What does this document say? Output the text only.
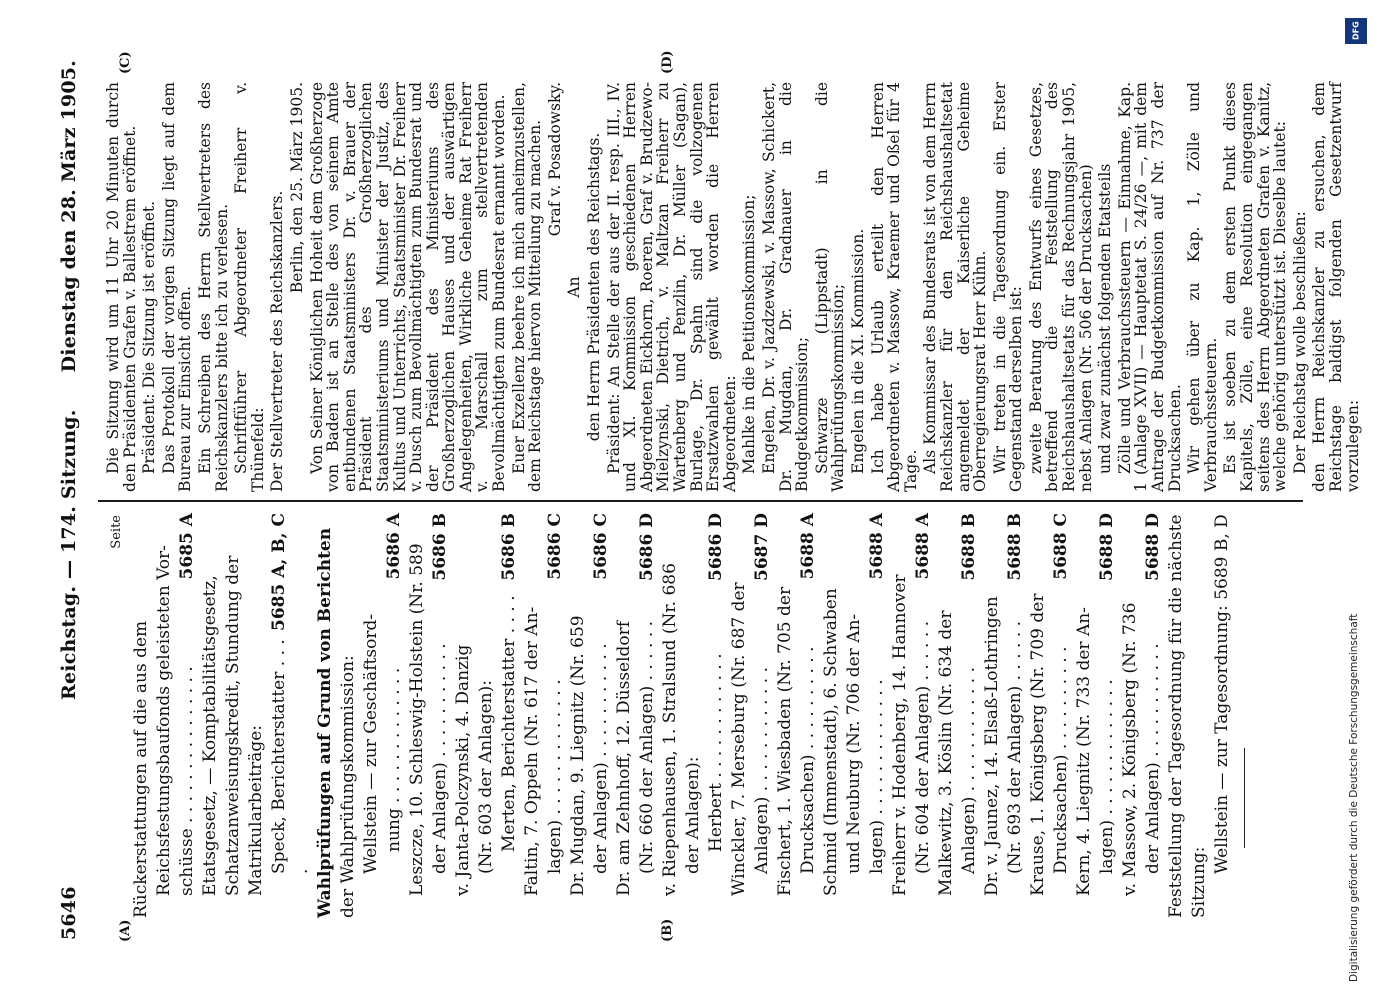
5646
Reichstag. — 174. Sitzung.
Dienstag den 28. März 1905.
(A)	(B)
(C)	(D)
Seite
Rückerstattungen auf die aus dem Reichsfestungsbaufonds geleisteten Vor- schüsse . . . . . . . . . . . . . . .
5685 A
Etatsgesetz, — Komptabilitätsgesetz, Schatzanweisungskredit, Stundung der Matrikularbeiträge: Speck, Berichterstatter . . . .
5685 A, B, C Wahlprüfungen auf Grund von Berichten der Wahlprüfungskommission: Wellstein — zur Geschäftsord- nung . . . . . . . . . . . . .
5686 A Leszcze, 10. Schleswig-Holstein (Nr. 589 der Anlagen) . . . . . . . . . . .
5686 B
v. Janta-Polczynski, 4. Danzig (Nr. 603 der Anlagen): Merten, Berichterstatter . . . .
5686 B
Faltin, 7. Oppeln (Nr. 617 der An- lagen) . . . . . . . . . . . . .
5686 C
Dr. Mugdan, 9. Liegnitz (Nr. 659 der Anlagen) . . . . . . . . . . .
5686 C
Dr. am Zehnhoff, 12. Düsseldorf (Nr. 660 der Anlagen) . . . . . .
5686 D
v. Riepenhausen, 1. Stralsund (Nr. 686 der Anlagen): Herbert . . . . . . . . . . . .
5686 D
Winckler, 7. Merseburg (Nr. 687 der Anlagen) . . . . . . . . . . . .
5687 D
Fischert, 1. Wiesbaden (Nr. 705 der Drucksachen) . . . . . . . . . .
5688 A
Schmid (Immenstadt), 6. Schwaben und Neuburg (Nr. 706 der An- lagen) . . . . . . . . . . . . .
5688 A
Freiherr v. Hodenberg, 14. Hannover (Nr. 604 der Anlagen) . . . . . .
5688 A
Malkewitz, 3. Köslin (Nr. 634 der Anlagen) . . . . . . . . . . . .
5688 B
Dr. v. Jaunez, 14. Elsaß-Lothringen (Nr. 693 der Anlagen) . . . . . .
5688 B
Krause, 1. Königsberg (Nr. 709 der Drucksachen) . . . . . . . . . .
5688 C
Kern, 4. Liegnitz (Nr. 733 der An- lagen) . . . . . . . . . . . . .
5688 D
v. Massow, 2. Königsberg (Nr. 736 der Anlagen) . . . . . . . . . . .
5688 D Feststellung der Tagesordnung für die nächste Sitzung:
Wellstein — zur Tagesordnung: 5689 B, D

Die Sitzung wird um 11 Uhr 20 Minuten durch den Präsidenten Grafen v. Ballestrem eröffnet. Präsident: Die Sitzung ist eröffnet. Das Protokoll der vorigen Sitzung liegt auf dem Bureau zur Einsicht offen. Ein Schreiben des Herrn Stellvertreters des Reichskanzlers bitte ich zu verlesen. Schriftführer Abgeordneter Freiherr v. Thünefeld: Der Stellvertreter des Reichskanzlers.

Berlin, den 25. März 1905. Von Seiner Königlichen Hoheit dem Großherzoge von Baden ist an Stelle des von seinem Amte entbundenen Staatsministers Dr. v. Brauer der Präsident des Großherzoglichen Staatsministeriums und Minister der Justiz, des Kultus und Unterrichts, Staatsminister Dr. Freiherr v. Dusch zum Bevollmächtigten zum Bundesrat und der Präsident des Ministeriums des Großherzoglichen Hauses und der auswärtigen Angelegenheiten, Wirkliche Geheime Rat Freiherr v. Marschall zum stellvertretenden Bevollmächtigten zum Bundesrat ernannt worden. Euer Exzellenz beehre ich mich anheimzustellen, dem Reichstage hiervon Mitteilung zu machen. Graf v. Posadowsky.

An den Herrn Präsidenten des Reichstags. Präsident: An Stelle der aus der II. resp. III., IV. und XI. Kommission geschiedenen Herren Abgeordneten Eickhorn, Roeren, Graf v. Brudzewo-Mielzynski, Dietrich, v. Maltzan Freiherr zu Wartenberg und Penzlin, Dr. Müller (Sagan), Burlage, Dr. Spahn sind die vollzogenen Ersatzwahlen gewählt worden die Herren Abgeordneten: Mahlke in die Petitionskommission; Engelen, Dr. v. Jazdzewski, v. Massow, Schickert, Dr. Mugdan, Dr. Gradnauer in die Budgetkommission; Schwarze (Lippstadt) in die Wahlprüfungskommission; Engelen in die XI. Kommission. Ich habe Urlaub erteilt den Herren Abgeordneten v. Massow, Kraemer und Oßel für 4 Tage. Als Kommissar des Bundesrats ist von dem Herrn Reichskanzler für den Reichshaushaltsetat angemeldet der Kaiserliche Geheime Oberregierungsrat Herr Kühn. Wir treten in die Tagesordnung ein. Erster Gegenstand derselben ist: zweite Beratung des Entwurfs eines Gesetzes, betreffend die Feststellung des Reichshaushaltsetats für das Rechnungsjahr 1905, nebst Anlagen (Nr. 506 der Drucksachen) und zwar zunächst folgenden Etatsteils Zölle und Verbrauchssteuern — Einnahme, Kap. 1 (Anlage XVII) — Hauptetat S. 24/26 —, mit dem Antrage der Budgetkommission auf Nr. 737 der Drucksachen. Wir gehen über zu Kap. 1, Zölle und Verbrauchssteuern. Es ist soeben zu dem ersten Punkt dieses Kapitels, Zölle, eine Resolution eingegangen seitens des Herrn Abgeordneten Grafen v. Kanitz, welche gehörig unterstützt ist. Dieselbe lautet: Der Reichstag wolle beschließen: den Herrn Reichskanzler zu ersuchen, dem Reichstage baldigst folgenden Gesetzentwurf vorzulegen:

DFG
Digitalisierung gefördert durch die Deutsche Forschungsgemeinschaft
